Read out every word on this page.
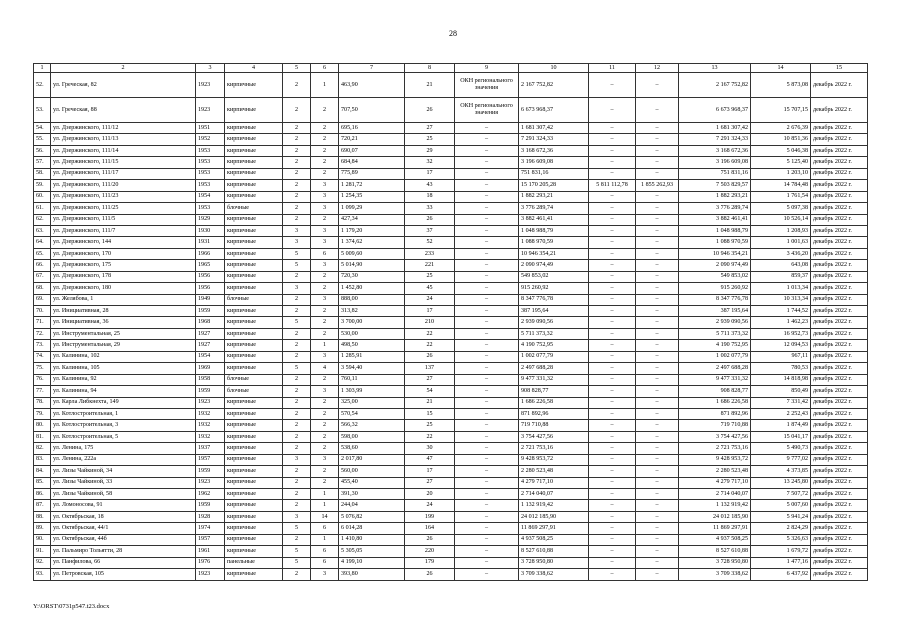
28
1	2	3	4	5	6	7	8	9	10	11	12	13	14	15
52.	ул. Греческая, 82	1923	кирпичные	2	1	463,90	21	ОКН регионального значения	2 167 752,82	–	–	2 167 752,82	5 873,08	декабрь 2022 г.
53.	ул. Греческая, 88	1923	кирпичные	2	2	707,50	26	ОКН регионального значения	6 673 968,37	–	–	6 673 968,37	15 707,15	декабрь 2022 г.
54.	ул. Дзержинского, 111/12	1951	кирпичные	2	2	695,16	27	–	1 681 307,42	–	–	1 681 307,42	2 676,39	декабрь 2022 г.
55.	ул. Дзержинского, 111/13	1952	кирпичные	2	2	720,21	25	–	7 291 324,33	–	–	7 291 324,33	10 851,36	декабрь 2022 г.
56.	ул. Дзержинского, 111/14	1953	кирпичные	2	2	690,07	29	–	3 168 672,36	–	–	3 168 672,36	5 046,38	декабрь 2022 г.
57.	ул. Дзержинского, 111/15	1953	кирпичные	2	2	684,84	32	–	3 196 609,08	–	–	3 196 609,08	5 125,40	декабрь 2022 г.
58.	ул. Дзержинского, 111/17	1953	кирпичные	2	2	775,89	17	–	751 831,16	–	–	751 831,16	1 203,10	декабрь 2022 г.
59.	ул. Дзержинского, 111/20	1953	кирпичные	2	3	1 281,72	43	–	15 170 205,28	5 811 112,78	1 855 262,93	7 503 829,57	14 784,48	декабрь 2022 г.
60.	ул. Дзержинского, 111/23	1954	кирпичные	2	3	1 254,35	18	–	1 882 293,21	–	–	1 882 293,21	1 761,54	декабрь 2022 г.
61.	ул. Дзержинского, 111/25	1953	блочные	2	3	1 099,29	33	–	3 776 289,74	–	–	3 776 289,74	5 097,38	декабрь 2022 г.
62.	ул. Дзержинского, 111/5	1929	кирпичные	2	2	427,34	26	–	3 882 461,41	–	–	3 882 461,41	10 526,14	декабрь 2022 г.
63.	ул. Дзержинского, 111/7	1930	кирпичные	3	3	1 179,20	37	–	1 048 988,79	–	–	1 048 988,79	1 208,93	декабрь 2022 г.
64.	ул. Дзержинского, 144	1931	кирпичные	3	3	1 374,62	52	–	1 088 970,59	–	–	1 088 970,59	1 001,63	декабрь 2022 г.
65.	ул. Дзержинского, 170	1966	кирпичные	5	6	5 009,60	233	–	10 946 354,21	–	–	10 946 354,21	3 436,20	декабрь 2022 г.
66.	ул. Дзержинского, 175	1965	кирпичные	5	3	5 014,90	221	–	2 090 974,49	–	–	2 090 974,49	643,08	декабрь 2022 г.
67.	ул. Дзержинского, 178	1956	кирпичные	2	2	720,30	25	–	549 853,02	–	–	549 853,02	859,37	декабрь 2022 г.
68.	ул. Дзержинского, 180	1956	кирпичные	3	2	1 452,80	45	–	915 260,92	–	–	915 260,92	1 013,34	декабрь 2022 г.
69.	ул. Желябова, 1	1949	блочные	2	3	888,00	24	–	8 347 776,78	–	–	8 347 776,78	10 313,34	декабрь 2022 г.
70.	ул. Инициативная, 28	1959	кирпичные	2	2	313,82	17	–	387 195,64	–	–	387 195,64	1 744,52	декабрь 2022 г.
71.	ул. Инициативная, 36	1968	кирпичные	5	2	3 700,00	210	–	2 939 090,56	–	–	2 939 090,56	1 462,23	декабрь 2022 г.
72.	ул. Инструментальная, 25	1927	кирпичные	2	2	530,00	22	–	5 711 373,32	–	–	5 711 373,32	16 952,73	декабрь 2022 г.
73.	ул. Инструментальная, 29	1927	кирпичные	2	1	498,50	22	–	4 190 752,95	–	–	4 190 752,95	12 094,53	декабрь 2022 г.
74.	ул. Калинина, 102	1954	кирпичные	2	3	1 285,91	26	–	1 002 077,79	–	–	1 002 077,79	967,11	декабрь 2022 г.
75.	ул. Калинина, 105	1969	кирпичные	5	4	3 594,40	137	–	2 497 688,28	–	–	2 497 688,28	780,53	декабрь 2022 г.
76.	ул. Калинина, 92	1958	блочные	2	2	760,11	27	–	9 477 331,32	–	–	9 477 331,32	14 818,98	декабрь 2022 г.
77.	ул. Калинина, 94	1959	блочные	2	3	1 303,99	54	–	908 828,77	–	–	908 828,77	850,49	декабрь 2022 г.
78.	ул. Карла Либкнехта, 149	1923	кирпичные	2	2	325,00	21	–	1 686 226,58	–	–	1 686 226,58	7 331,42	декабрь 2022 г.
79.	ул. Котлостроительная, 1	1932	кирпичные	2	2	570,54	15	–	871 892,96	–	–	871 892,96	2 252,43	декабрь 2022 г.
80.	ул. Котлостроительная, 3	1932	кирпичные	2	2	566,32	25	–	719 710,88	–	–	719 710,88	1 874,49	декабрь 2022 г.
81.	ул. Котлостроительная, 5	1932	кирпичные	2	2	598,00	22	–	3 754 427,56	–	–	3 754 427,56	15 041,17	декабрь 2022 г.
82.	ул. Ленина, 175	1937	кирпичные	2	2	538,60	30	–	2 721 753,16	–	–	2 721 753,16	5 490,73	декабрь 2022 г.
83.	ул. Ленина, 222а	1957	кирпичные	3	3	2 017,80	47	–	9 428 953,72	–	–	9 428 953,72	9 777,02	декабрь 2022 г.
84.	ул. Лизы Чайкиной, 34	1959	кирпичные	2	2	560,00	17	–	2 280 523,48	–	–	2 280 523,48	4 373,85	декабрь 2022 г.
85.	ул. Лизы Чайкиной, 33	1923	кирпичные	2	2	455,40	27	–	4 279 717,10	–	–	4 279 717,10	13 245,80	декабрь 2022 г.
86.	ул. Лизы Чайкиной, 58	1962	кирпичные	2	1	391,30	20	–	2 714 040,07	–	–	2 714 040,07	7 507,72	декабрь 2022 г.
87.	ул. Ломоносова, 91	1959	кирпичные	2	1	244,04	24	–	1 132 919,42	–	–	1 132 919,42	5 007,60	декабрь 2022 г.
88.	ул. Октябрьская, 18	1928	кирпичные	3	14	5 076,82	199	–	24 012 185,90	–	–	24 012 185,90	5 941,24	декабрь 2022 г.
89.	ул. Октябрьская, 44/1	1974	кирпичные	5	6	6 014,28	164	–	11 869 297,91	–	–	11 869 297,91	2 824,29	декабрь 2022 г.
90.	ул. Октябрьская, 44б	1957	кирпичные	2	1	1 410,80	26	–	4 937 508,25	–	–	4 937 508,25	5 326,63	декабрь 2022 г.
91.	ул. Пальмиро Тольятти, 28	1961	кирпичные	5	6	5 305,05	220	–	8 527 610,88	–	–	8 527 610,88	1 679,72	декабрь 2022 г.
92.	ул. Панфилова, 66	1976	панельные	5	6	4 199,10	179	–	3 728 950,80	–	–	3 728 950,80	1 477,16	декабрь 2022 г.
93.	ул. Петровская, 105	1923	кирпичные	2	3	393,80	26	–	3 709 338,62	–	–	3 709 338,62	6 437,92	декабрь 2022 г.
Y:\ORST\0731p547.t23.docx
